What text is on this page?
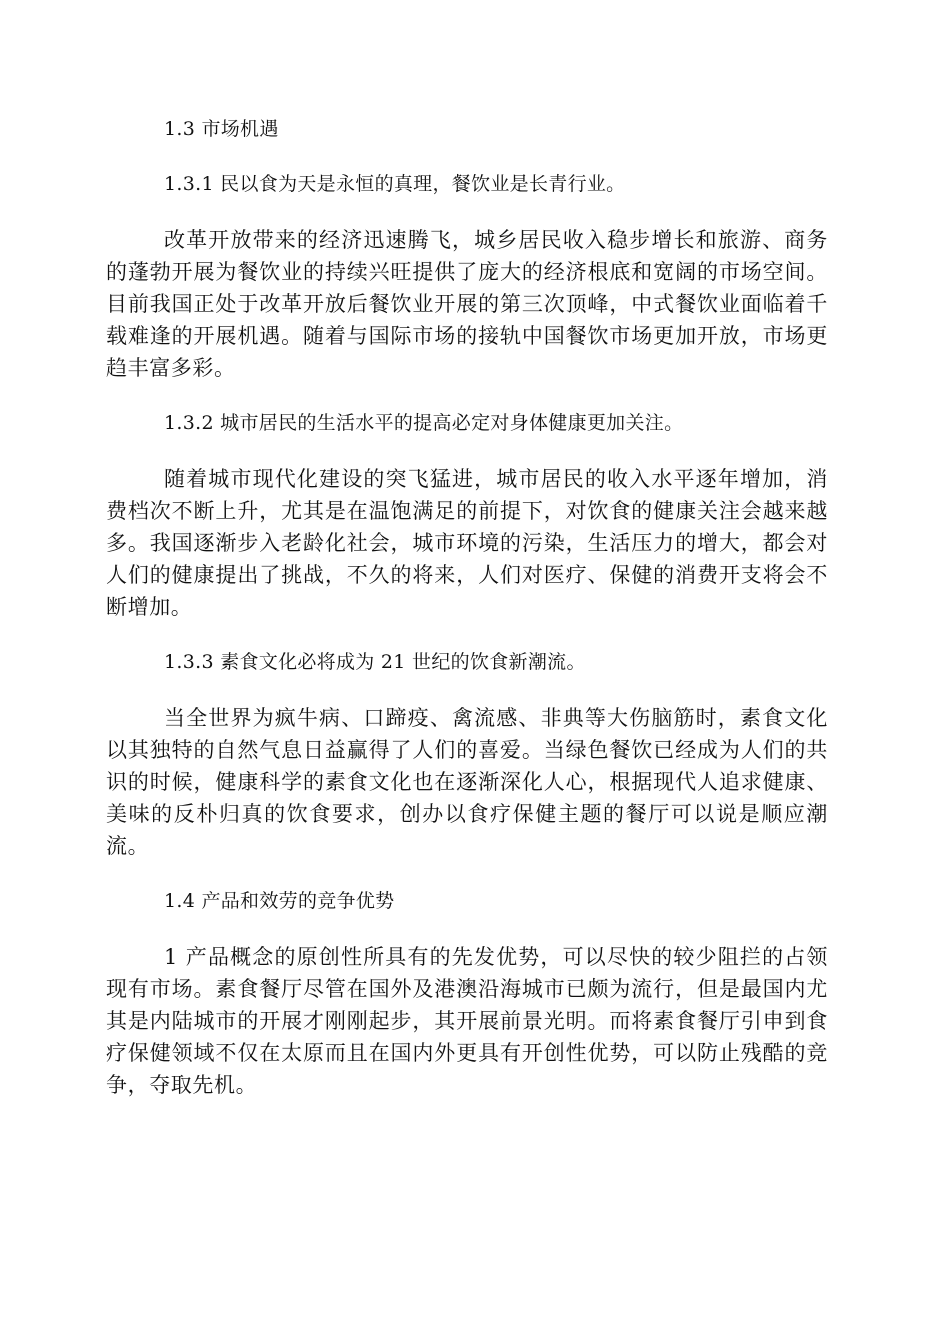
1.3 市场机遇

1.3.1 民以食为天是永恒的真理，餐饮业是长青行业。

改革开放带来的经济迅速腾飞，城乡居民收入稳步增长和旅游、商务的蓬勃开展为餐饮业的持续兴旺提供了庞大的经济根底和宽阔的市场空间。目前我国正处于改革开放后餐饮业开展的第三次顶峰，中式餐饮业面临着千载难逢的开展机遇。随着与国际市场的接轨中国餐饮市场更加开放，市场更趋丰富多彩。

1.3.2 城市居民的生活水平的提高必定对身体健康更加关注。

随着城市现代化建设的突飞猛进，城市居民的收入水平逐年增加，消费档次不断上升，尤其是在温饱满足的前提下，对饮食的健康关注会越来越多。我国逐渐步入老龄化社会，城市环境的污染，生活压力的增大，都会对人们的健康提出了挑战，不久的将来，人们对医疗、保健的消费开支将会不断增加。

1.3.3 素食文化必将成为 21 世纪的饮食新潮流。

当全世界为疯牛病、口蹄疫、禽流感、非典等大伤脑筋时，素食文化以其独特的自然气息日益赢得了人们的喜爱。当绿色餐饮已经成为人们的共识的时候，健康科学的素食文化也在逐渐深化人心，根据现代人追求健康、美味的反朴归真的饮食要求，创办以食疗保健主题的餐厅可以说是顺应潮流。

1.4 产品和效劳的竞争优势

1 产品概念的原创性所具有的先发优势，可以尽快的较少阻拦的占领现有市场。素食餐厅尽管在国外及港澳沿海城市已颇为流行，但是最国内尤其是内陆城市的开展才刚刚起步，其开展前景光明。而将素食餐厅引申到食疗保健领域不仅在太原而且在国内外更具有开创性优势，可以防止残酷的竞争，夺取先机。
